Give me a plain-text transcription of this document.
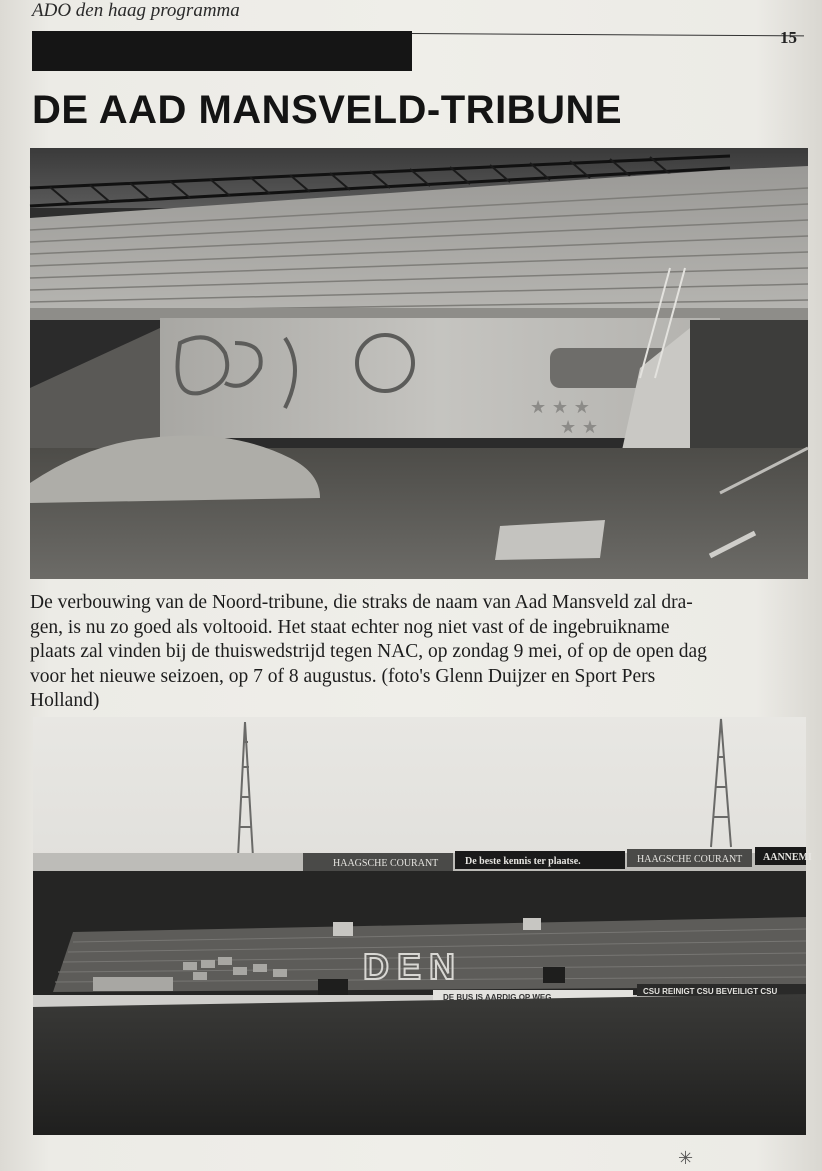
ADO den haag programma
15
DE AAD MANSVELD-TRIBUNE
★ ★ ★
★ ★
De verbouwing van de Noord-tribune, die straks de naam van Aad Mansveld zal dra-
gen, is nu zo goed als voltooid. Het staat echter nog niet vast of de ingebruikname
plaats zal vinden bij de thuiswedstrijd tegen NAC, op zondag 9 mei, of op de open dag
voor het nieuwe seizoen, op 7 of 8 augustus. (foto's Glenn Duijzer en Sport Pers
Holland)
HAAGSCHE COURANT	De beste kennis ter plaatse.	HAAGSCHE COURANT AANNEMI
DEN
DE BUS IS AARDIG OP WEG
CSU REINIGT CSU BEVEILIGT CSU
✳
